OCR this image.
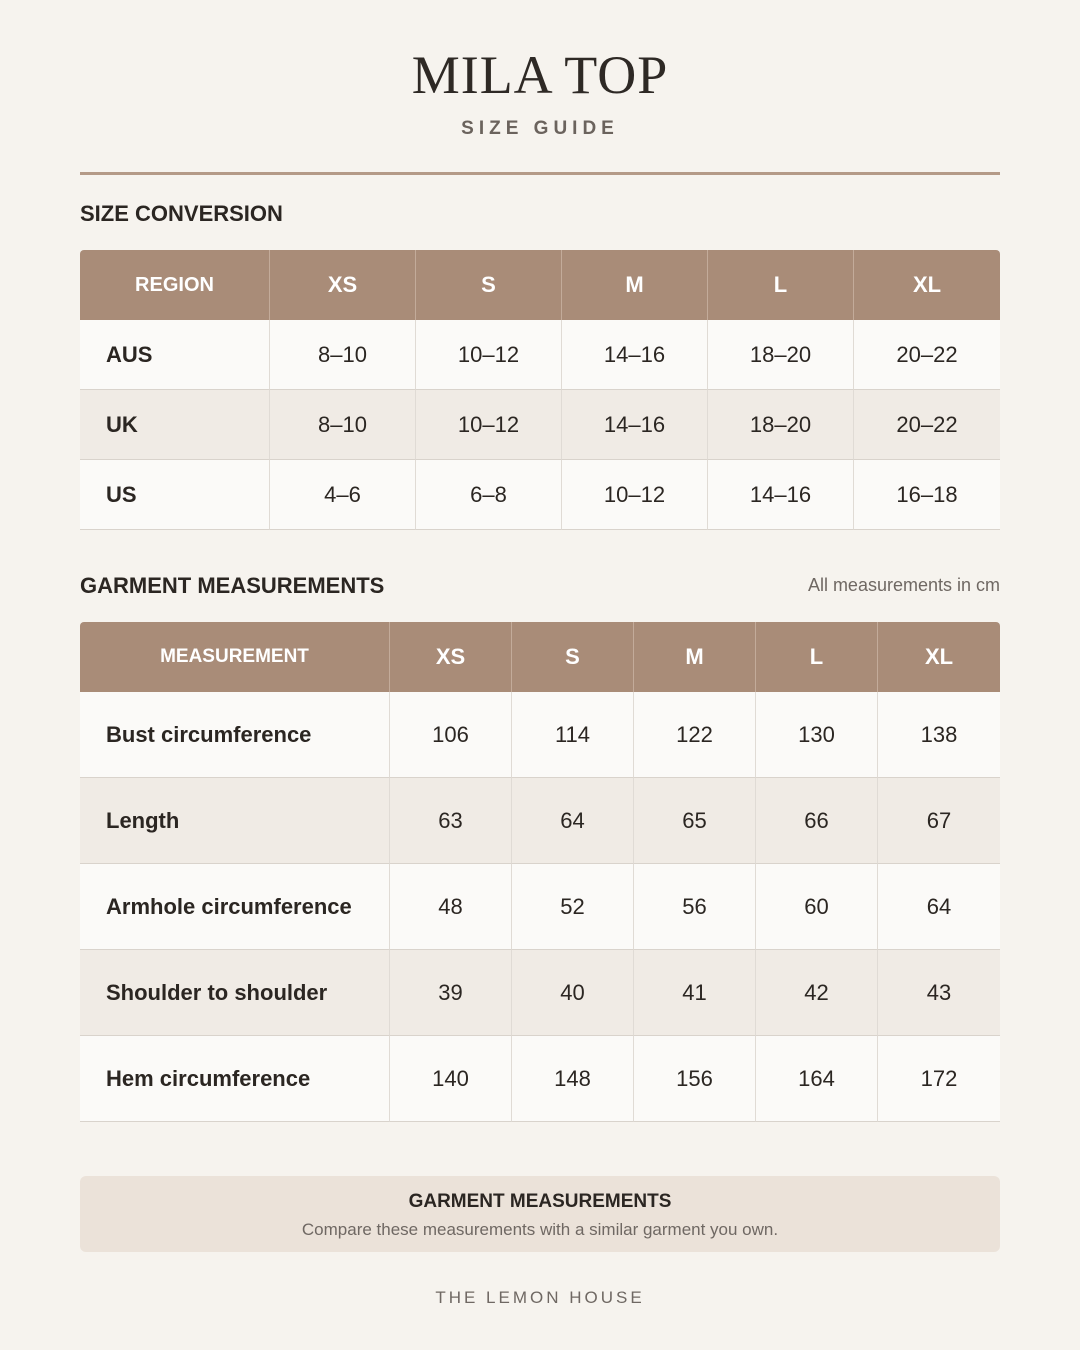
MILA TOP
SIZE GUIDE
SIZE CONVERSION
REGION	XS	S	M	L	XL
AUS	8–10	10–12	14–16	18–20	20–22
UK	8–10	10–12	14–16	18–20	20–22
US	4–6	6–8	10–12	14–16	16–18
GARMENT MEASUREMENTS	All measurements in cm
MEASUREMENT	XS	S	M	L	XL
Bust circumference	106	114	122	130	138
Length	63	64	65	66	67
Armhole circumference	48	52	56	60	64
Shoulder to shoulder	39	40	41	42	43
Hem circumference	140	148	156	164	172
GARMENT MEASUREMENTS
Compare these measurements with a similar garment you own.
THE LEMON HOUSE
